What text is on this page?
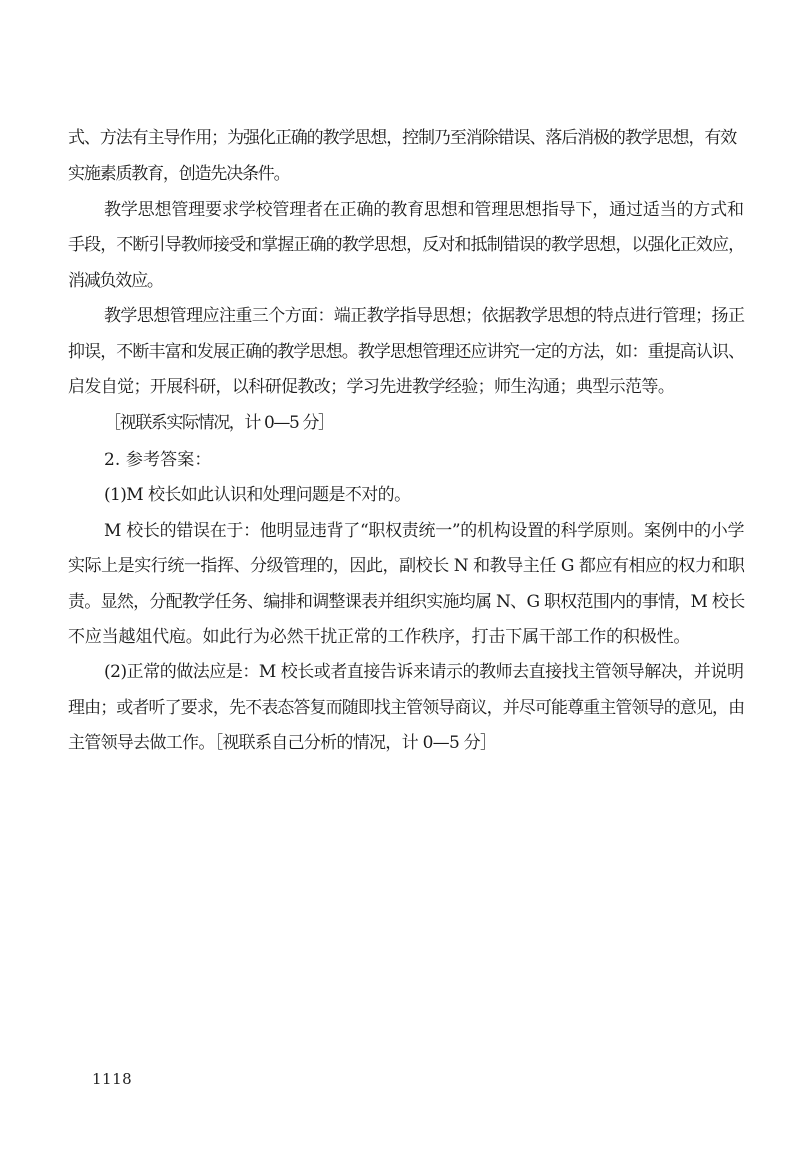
式、方法有主导作用；为强化正确的教学思想，控制乃至消除错误、落后消极的教学思想，有效
实施素质教育，创造先决条件。
教学思想管理要求学校管理者在正确的教育思想和管理思想指导下，通过适当的方式和
手段，不断引导教师接受和掌握正确的教学思想，反对和抵制错误的教学思想，以强化正效应，
消减负效应。
教学思想管理应注重三个方面：端正教学指导思想；依据教学思想的特点进行管理；扬正
抑误，不断丰富和发展正确的教学思想。教学思想管理还应讲究一定的方法，如：重提高认识、
启发自觉；开展科研，以科研促教改；学习先进教学经验；师生沟通；典型示范等。
［视联系实际情况，计 0—5 分］
2. 参考答案：
(1)M 校长如此认识和处理问题是不对的。
M 校长的错误在于：他明显违背了“职权责统一”的机构设置的科学原则。案例中的小学
实际上是实行统一指挥、分级管理的，因此，副校长 N 和教导主任 G 都应有相应的权力和职
责。显然，分配教学任务、编排和调整课表并组织实施均属 N、G 职权范围内的事情，M 校长
不应当越俎代庖。如此行为必然干扰正常的工作秩序，打击下属干部工作的积极性。
(2)正常的做法应是：M 校长或者直接告诉来请示的教师去直接找主管领导解决，并说明
理由；或者听了要求，先不表态答复而随即找主管领导商议，并尽可能尊重主管领导的意见，由
主管领导去做工作。［视联系自己分析的情况，计 0—5 分］
1118
